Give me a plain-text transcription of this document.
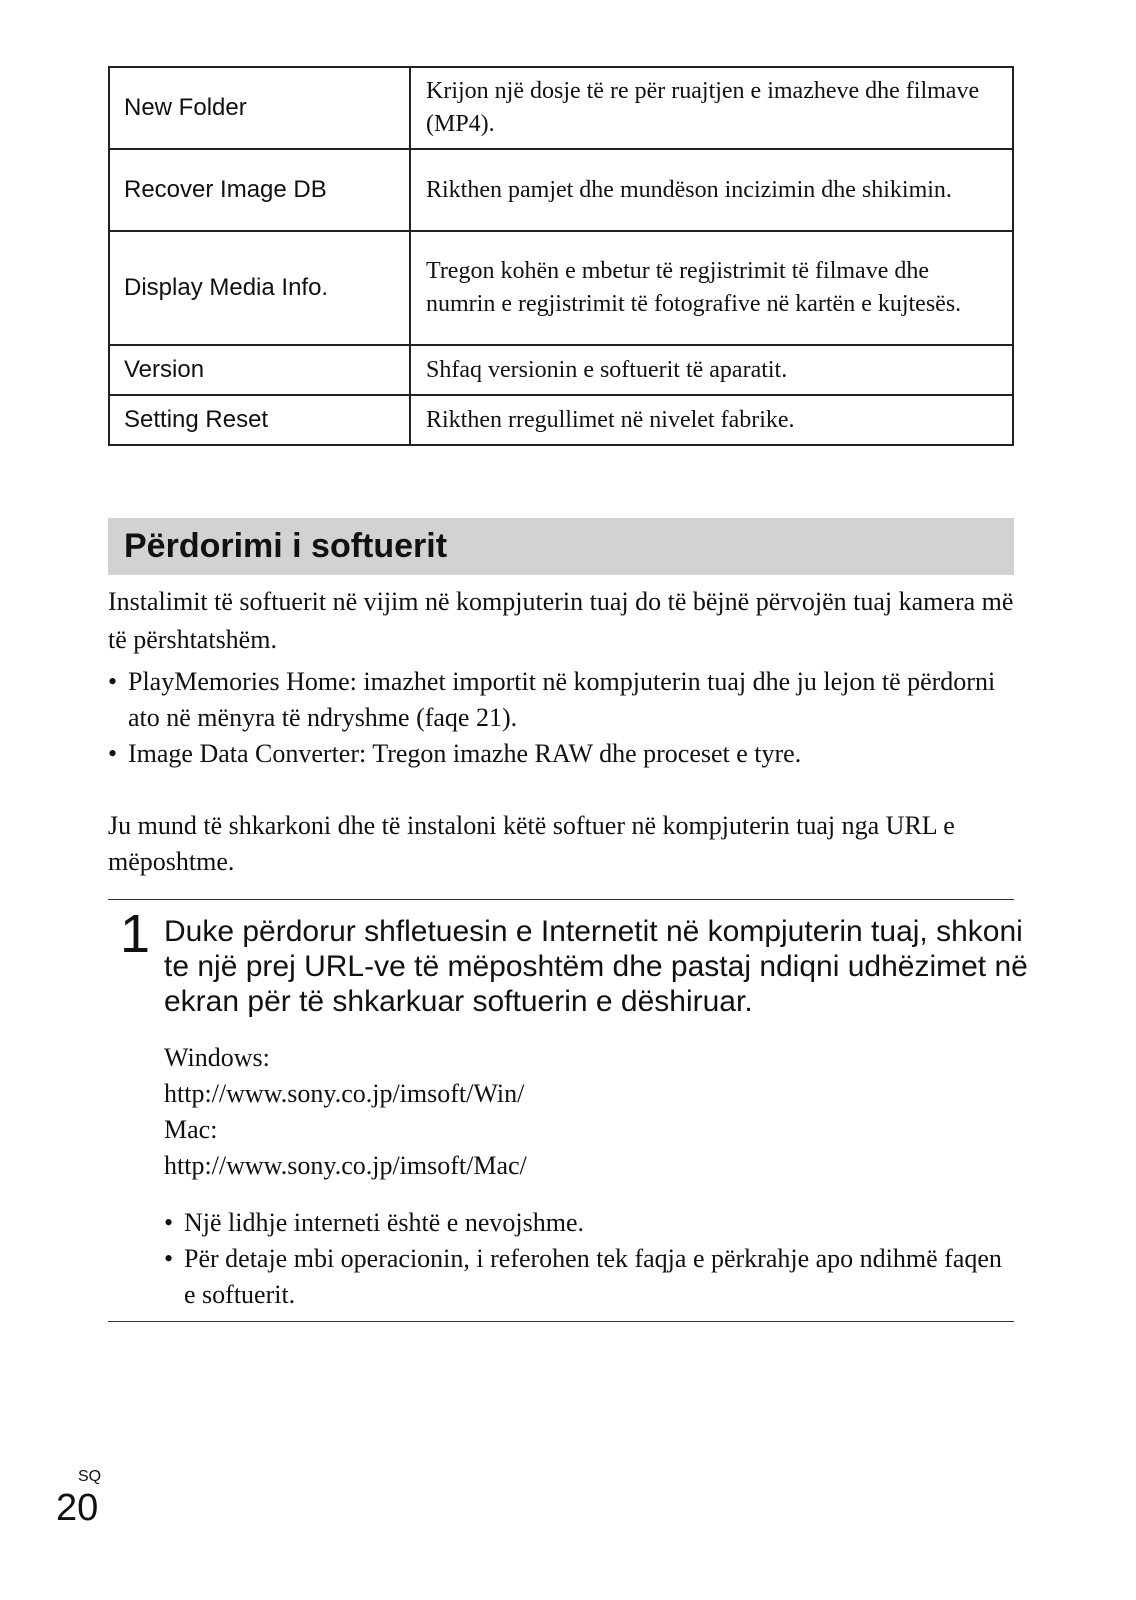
New Folder	Krijon një dosje të re për ruajtjen e imazheve dhe filmave (MP4).
Recover Image DB	Rikthen pamjet dhe mundëson incizimin dhe shikimin.
Display Media Info.	Tregon kohën e mbetur të regjistrimit të filmave dhe numrin e regjistrimit të fotografive në kartën e kujtesës.
Version	Shfaq versionin e softuerit të aparatit.
Setting Reset	Rikthen rregullimet në nivelet fabrike.
Përdorimi i softuerit

Instalimit të softuerit në vijim në kompjuterin tuaj do të bëjnë përvojën tuaj kamera më të përshtatshëm.

• PlayMemories Home: imazhet importit në kompjuterin tuaj dhe ju lejon të përdorni ato në mënyra të ndryshme (faqe 21).
• Image Data Converter: Tregon imazhe RAW dhe proceset e tyre.

Ju mund të shkarkoni dhe të instaloni këtë softuer në kompjuterin tuaj nga URL e mëposhtme.

1 Duke përdorur shfletuesin e Internetit në kompjuterin tuaj, shkoni te një prej URL-ve të mëposhtëm dhe pastaj ndiqni udhëzimet në ekran për të shkarkuar softuerin e dëshiruar.

Windows:
http://www.sony.co.jp/imsoft/Win/
Mac:
http://www.sony.co.jp/imsoft/Mac/
• Një lidhje interneti është e nevojshme.
• Për detaje mbi operacionin, i referohen tek faqja e përkrahje apo ndihmë faqen e softuerit.
SQ
20
